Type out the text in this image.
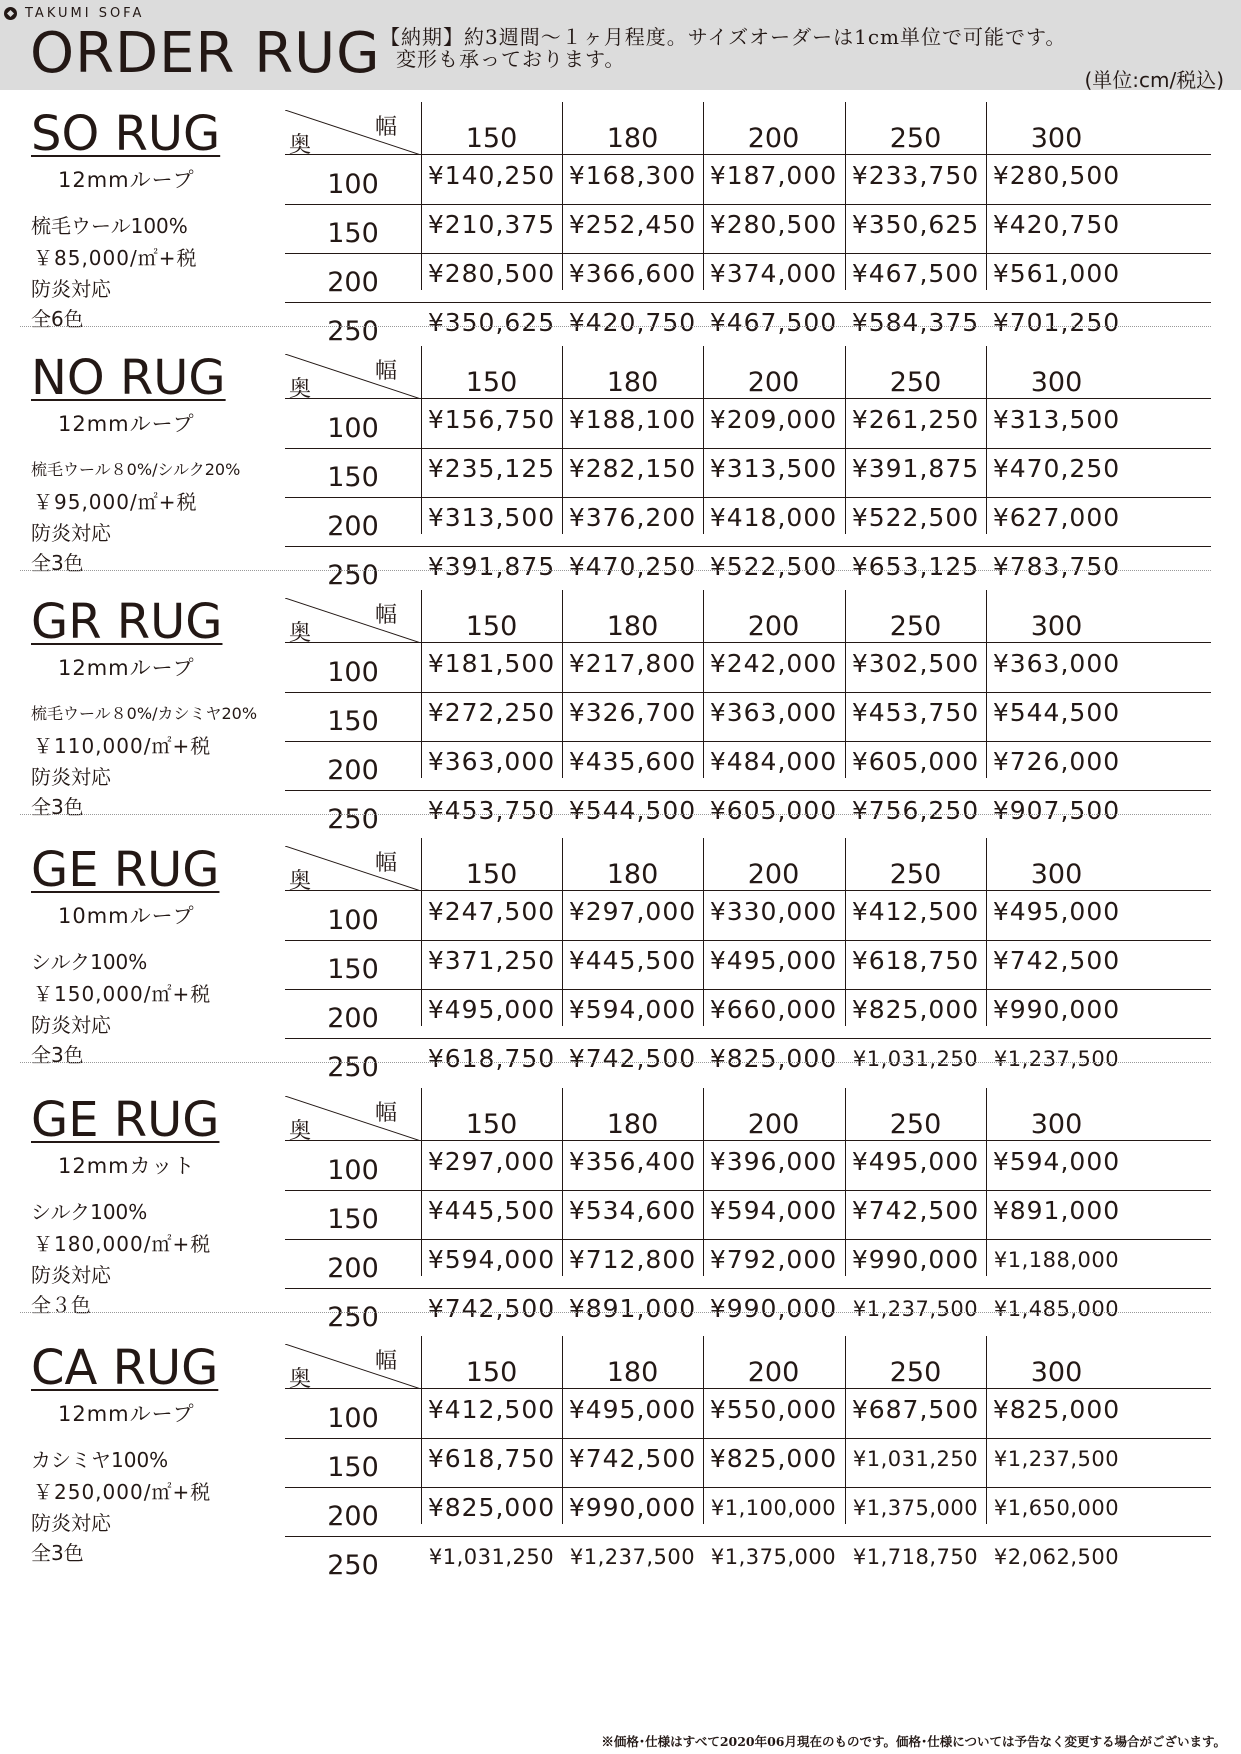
TAKUMI SOFA
ORDER RUG 【納期】約3週間～１ヶ月程度。サイズオーダーは1cm単位で可能です。
変形も承っております。
(単位:cm/税込)
SO RUG
12mmループ
梳毛ウール100%
￥85,000/㎡+税
防炎対応
全6色
幅
奥	150	180	200	250	300
100	¥140,250 ¥168,300 ¥187,000 ¥233,750 ¥280,500
150	¥210,375 ¥252,450 ¥280,500 ¥350,625 ¥420,750
200	¥280,500 ¥366,600 ¥374,000 ¥467,500 ¥561,000
250	¥350,625 ¥420,750 ¥467,500 ¥584,375 ¥701,250
NO RUG
12mmループ
梳毛ウール８0%/シルク20%
￥95,000/㎡+税
防炎対応
全3色
幅
奥	150	180	200	250	300
100	¥156,750 ¥188,100 ¥209,000 ¥261,250 ¥313,500
150	¥235,125 ¥282,150 ¥313,500 ¥391,875 ¥470,250
200	¥313,500 ¥376,200 ¥418,000 ¥522,500 ¥627,000
250	¥391,875 ¥470,250 ¥522,500 ¥653,125 ¥783,750
GR RUG
12mmループ
梳毛ウール８0%/カシミヤ20%
￥110,000/㎡+税
防炎対応
全3色
幅
奥	150	180	200	250	300
100	¥181,500 ¥217,800 ¥242,000 ¥302,500 ¥363,000
150	¥272,250 ¥326,700 ¥363,000 ¥453,750 ¥544,500
200	¥363,000 ¥435,600 ¥484,000 ¥605,000 ¥726,000
250	¥453,750 ¥544,500 ¥605,000 ¥756,250 ¥907,500
GE RUG
10mmループ
シルク100%
￥150,000/㎡+税
防炎対応
全3色
幅
奥	150	180	200	250	300
100	¥247,500 ¥297,000 ¥330,000 ¥412,500 ¥495,000
150	¥371,250 ¥445,500 ¥495,000 ¥618,750 ¥742,500
200	¥495,000 ¥594,000 ¥660,000 ¥825,000 ¥990,000
250	¥618,750 ¥742,500 ¥825,000 ¥1,031,250 ¥1,237,500
GE RUG
12mmカット
シルク100%
￥180,000/㎡+税
防炎対応
全３色
幅
奥	150	180	200	250	300
100	¥297,000 ¥356,400 ¥396,000 ¥495,000 ¥594,000
150	¥445,500 ¥534,600 ¥594,000 ¥742,500 ¥891,000
200	¥594,000 ¥712,800 ¥792,000 ¥990,000 ¥1,188,000
250	¥742,500 ¥891,000 ¥990,000 ¥1,237,500 ¥1,485,000
CA RUG
12mmループ
カシミヤ100%
￥250,000/㎡+税
防炎対応
全3色
幅
奥	150	180	200	250	300
100	¥412,500 ¥495,000 ¥550,000 ¥687,500 ¥825,000
150	¥618,750 ¥742,500 ¥825,000 ¥1,031,250 ¥1,237,500
200	¥825,000 ¥990,000 ¥1,100,000 ¥1,375,000 ¥1,650,000
250	¥1,031,250 ¥1,237,500 ¥1,375,000 ¥1,718,750 ¥2,062,500
※価格･仕様はすべて2020年06月現在のものです。価格･仕様については予告なく変更する場合がございます。
